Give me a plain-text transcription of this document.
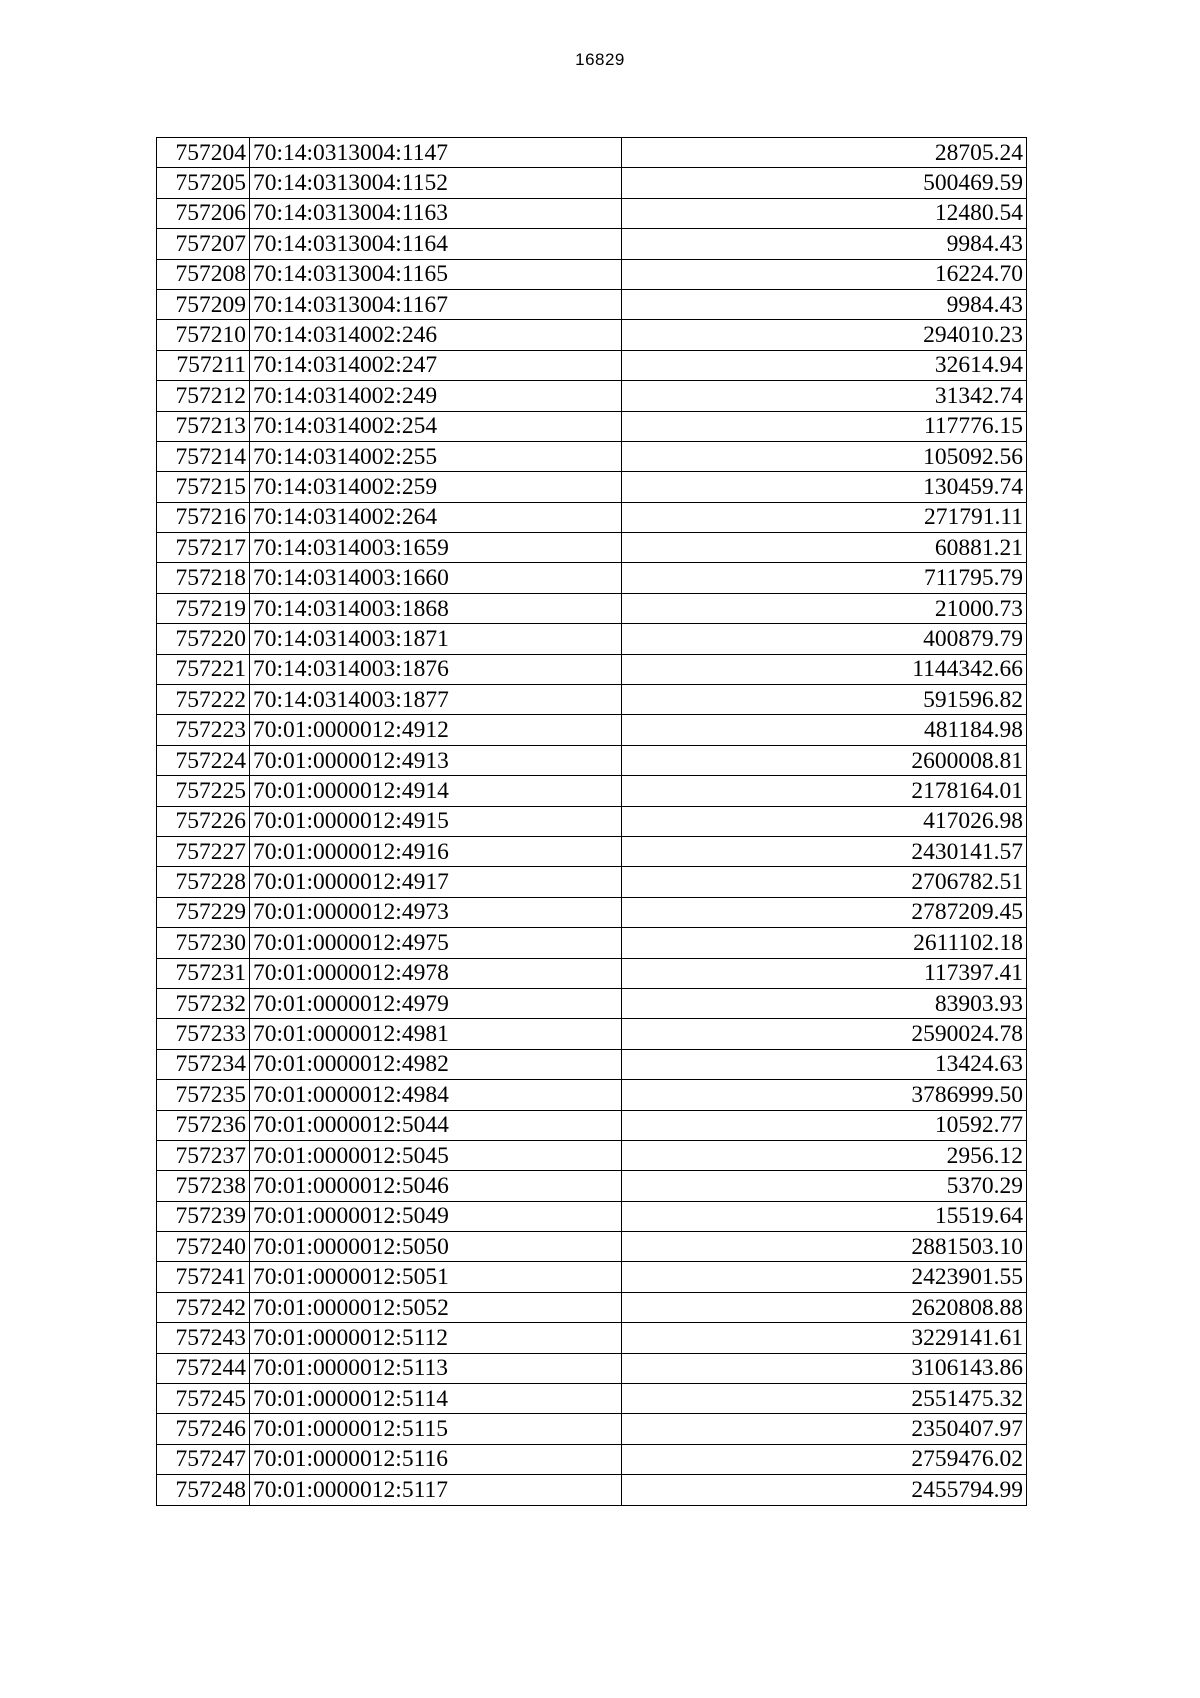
16829
757204	70:14:0313004:1147	28705.24
757205	70:14:0313004:1152	500469.59
757206	70:14:0313004:1163	12480.54
757207	70:14:0313004:1164	9984.43
757208	70:14:0313004:1165	16224.70
757209	70:14:0313004:1167	9984.43
757210	70:14:0314002:246	294010.23
757211	70:14:0314002:247	32614.94
757212	70:14:0314002:249	31342.74
757213	70:14:0314002:254	117776.15
757214	70:14:0314002:255	105092.56
757215	70:14:0314002:259	130459.74
757216	70:14:0314002:264	271791.11
757217	70:14:0314003:1659	60881.21
757218	70:14:0314003:1660	711795.79
757219	70:14:0314003:1868	21000.73
757220	70:14:0314003:1871	400879.79
757221	70:14:0314003:1876	1144342.66
757222	70:14:0314003:1877	591596.82
757223	70:01:0000012:4912	481184.98
757224	70:01:0000012:4913	2600008.81
757225	70:01:0000012:4914	2178164.01
757226	70:01:0000012:4915	417026.98
757227	70:01:0000012:4916	2430141.57
757228	70:01:0000012:4917	2706782.51
757229	70:01:0000012:4973	2787209.45
757230	70:01:0000012:4975	2611102.18
757231	70:01:0000012:4978	117397.41
757232	70:01:0000012:4979	83903.93
757233	70:01:0000012:4981	2590024.78
757234	70:01:0000012:4982	13424.63
757235	70:01:0000012:4984	3786999.50
757236	70:01:0000012:5044	10592.77
757237	70:01:0000012:5045	2956.12
757238	70:01:0000012:5046	5370.29
757239	70:01:0000012:5049	15519.64
757240	70:01:0000012:5050	2881503.10
757241	70:01:0000012:5051	2423901.55
757242	70:01:0000012:5052	2620808.88
757243	70:01:0000012:5112	3229141.61
757244	70:01:0000012:5113	3106143.86
757245	70:01:0000012:5114	2551475.32
757246	70:01:0000012:5115	2350407.97
757247	70:01:0000012:5116	2759476.02
757248	70:01:0000012:5117	2455794.99
